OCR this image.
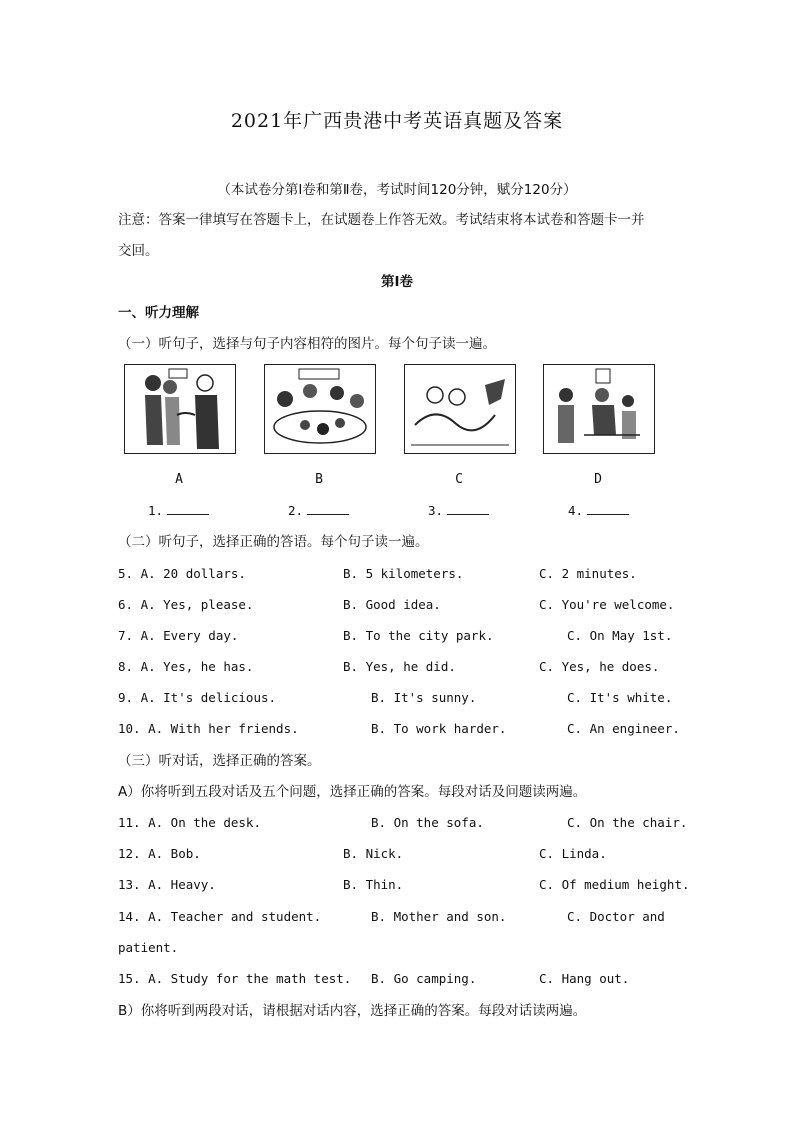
2021年广西贵港中考英语真题及答案
（本试卷分第Ⅰ卷和第Ⅱ卷，考试时间120分钟，赋分120分）
注意：答案一律填写在答题卡上，在试题卷上作答无效。考试结束将本试卷和答题卡一并
交回。
第Ⅰ卷
一、听力理解
（一）听句子，选择与句子内容相符的图片。每个句子读一遍。
A	B	C	D
1.	2.	3.	4.
（二）听句子，选择正确的答语。每个句子读一遍。
5. A. 20 dollars.	B. 5 kilometers.	C. 2 minutes.
6. A. Yes, please.	B. Good idea.	C. You're welcome.
7. A. Every day.	B. To the city park.	C. On May 1st.
8. A. Yes, he has.	B. Yes, he did.	C. Yes, he does.
9. A. It's delicious.	B. It's sunny.	C. It's white.
10. A. With her friends.	B. To work harder.	C. An engineer.
（三）听对话，选择正确的答案。
A）你将听到五段对话及五个问题，选择正确的答案。每段对话及问题读两遍。
11. A. On the desk.	B. On the sofa.	C. On the chair.
12. A. Bob.	B. Nick.	C. Linda.
13. A. Heavy.	B. Thin.	C. Of medium height.
14. A. Teacher and student.	B. Mother and son.	C. Doctor and
patient.
15. A. Study for the math test. B. Go camping.	C. Hang out.
B）你将听到两段对话，请根据对话内容，选择正确的答案。每段对话读两遍。
